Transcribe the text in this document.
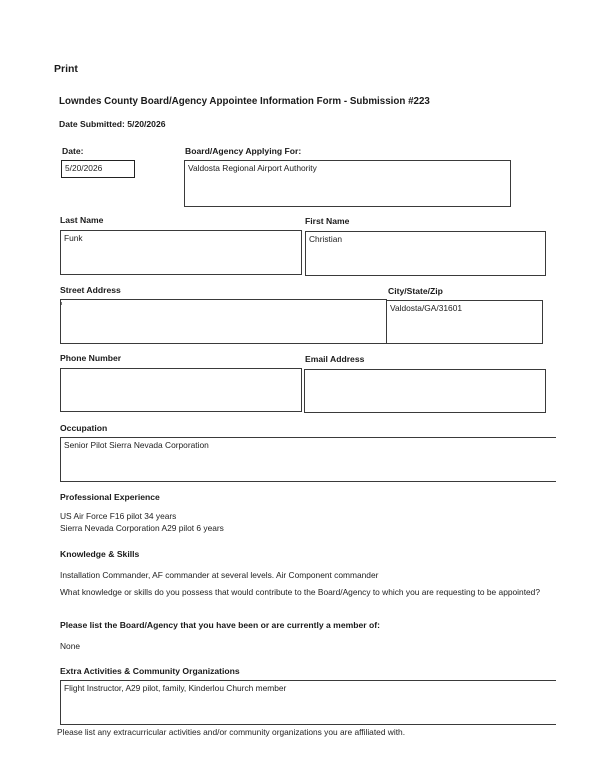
Print
Lowndes County Board/Agency Appointee Information Form - Submission #223
Date Submitted: 5/20/2026
Date:
5/20/2026
Board/Agency Applying For:
Valdosta Regional Airport Authority
Last Name
Funk
First Name
Christian
Street Address	City/State/Zip
Valdosta/GA/31601
Phone Number	Email Address
Occupation
Senior Pilot Sierra Nevada Corporation
Professional Experience
US Air Force F16 pilot 34 years
Sierra Nevada Corporation A29 pilot 6 years
Knowledge & Skills
Installation Commander, AF commander at several levels. Air Component commander
What knowledge or skills do you possess that would contribute to the Board/Agency to which you are requesting to be appointed?
Please list the Board/Agency that you have been or are currently a member of:
None
Extra Activities & Community Organizations
Flight Instructor, A29 pilot, family, Kinderlou Church member
Please list any extracurricular activities and/or community organizations you are affiliated with.
